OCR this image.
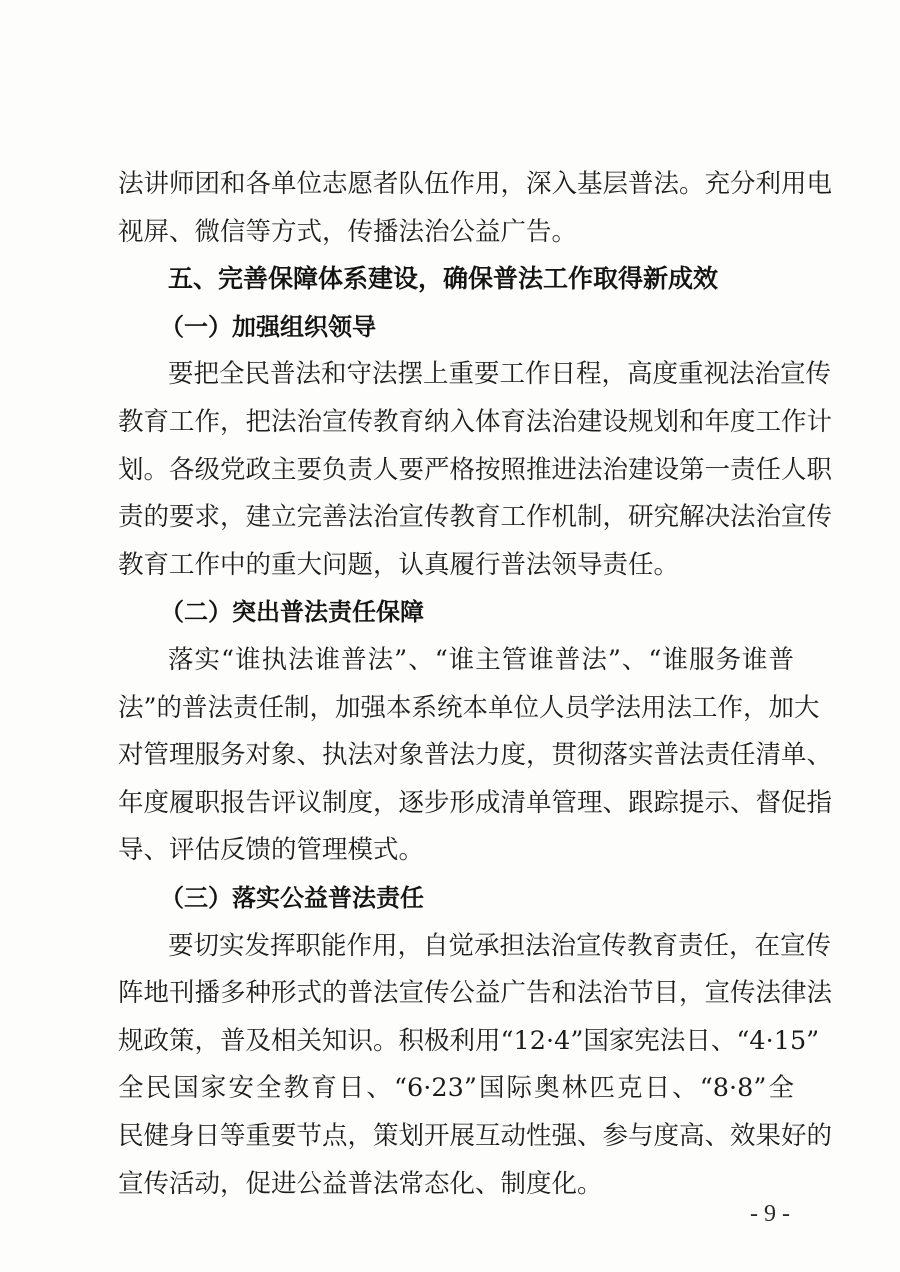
法讲师团和各单位志愿者队伍作用，深入基层普法。充分利用电
视屏、微信等方式，传播法治公益广告。
五、完善保障体系建设，确保普法工作取得新成效
（一）加强组织领导
要把全民普法和守法摆上重要工作日程，高度重视法治宣传
教育工作，把法治宣传教育纳入体育法治建设规划和年度工作计
划。各级党政主要负责人要严格按照推进法治建设第一责任人职
责的要求，建立完善法治宣传教育工作机制，研究解决法治宣传
教育工作中的重大问题，认真履行普法领导责任。
（二）突出普法责任保障
落实“谁执法谁普法”、“谁主管谁普法”、“谁服务谁普
法”的普法责任制，加强本系统本单位人员学法用法工作，加大
对管理服务对象、执法对象普法力度，贯彻落实普法责任清单、
年度履职报告评议制度，逐步形成清单管理、跟踪提示、督促指
导、评估反馈的管理模式。
（三）落实公益普法责任
要切实发挥职能作用，自觉承担法治宣传教育责任，在宣传
阵地刊播多种形式的普法宣传公益广告和法治节目，宣传法律法
规政策，普及相关知识。积极利用“12·4”国家宪法日、“4·15”
全民国家安全教育日、“6·23”国际奥林匹克日、“8·8”全
民健身日等重要节点，策划开展互动性强、参与度高、效果好的
宣传活动，促进公益普法常态化、制度化。
- 9 -
